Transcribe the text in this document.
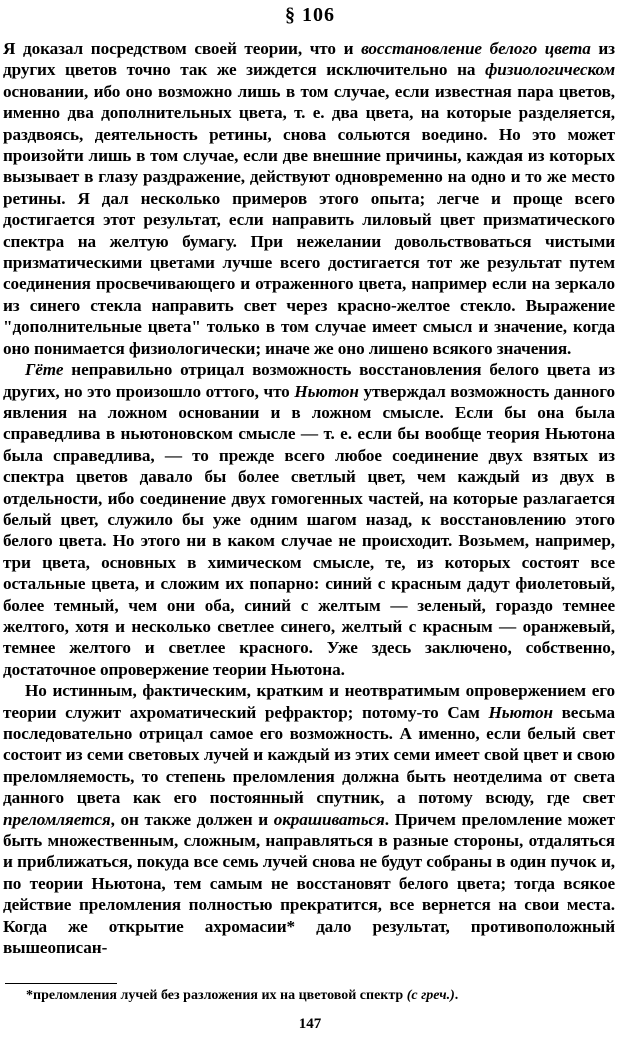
§ 106

Я доказал посредством своей теории, что и восстановление белого цвета из других цветов точно так же зиждется исключительно на физиологическом основании, ибо оно возможно лишь в том случае, если известная пара цветов, именно два дополнительных цвета, т. е. два цвета, на которые разделяется, раздвоясь, деятельность ретины, снова сольются воедино. Но это может произойти лишь в том случае, если две внешние причины, каждая из которых вызывает в глазу раздражение, действуют одновременно на одно и то же место ретины. Я дал несколько примеров этого опыта; легче и проще всего достигается этот результат, если направить лиловый цвет призматического спектра на желтую бумагу. При нежелании довольствоваться чистыми призматическими цветами лучше всего достигается тот же результат путем соединения просвечивающего и отраженного цвета, например если на зеркало из синего стекла направить свет через красно-желтое стекло. Выражение "дополнительные цвета" только в том случае имеет смысл и значение, когда оно понимается физиологически; иначе же оно лишено всякого значения.

Гёте неправильно отрицал возможность восстановления белого цвета из других, но это произошло оттого, что Ньютон утверждал возможность данного явления на ложном основании и в ложном смысле. Если бы она была справедлива в ньютоновском смысле — т. е. если бы вообще теория Ньютона была справедлива, — то прежде всего любое соединение двух взятых из спектра цветов давало бы более светлый цвет, чем каждый из двух в отдельности, ибо соединение двух гомогенных частей, на которые разлагается белый цвет, служило бы уже одним шагом назад, к восстановлению этого белого цвета. Но этого ни в каком случае не происходит. Возьмем, например, три цвета, основных в химическом смысле, те, из которых состоят все остальные цвета, и сложим их попарно: синий с красным дадут фиолетовый, более темный, чем они оба, синий с желтым — зеленый, гораздо темнее желтого, хотя и несколько светлее синего, желтый с красным — оранжевый, темнее желтого и светлее красного. Уже здесь заключено, собственно, достаточное опровержение теории Ньютона.

Но истинным, фактическим, кратким и неотвратимым опровержением его теории служит ахроматический рефрактор; потому-то Сам Ньютон весьма последовательно отрицал самое его возможность. А именно, если белый свет состоит из семи световых лучей и каждый из этих семи имеет свой цвет и свою преломляемость, то степень преломления должна быть неотделима от света данного цвета как его постоянный спутник, а потому всюду, где свет преломляется, он также должен и окрашиваться. Причем преломление может быть множественным, сложным, направляться в разные стороны, отдаляться и приближаться, покуда все семь лучей снова не будут собраны в один пучок и, по теории Ньютона, тем самым не восстановят белого цвета; тогда всякое действие преломления полностью прекратится, все вернется на свои места. Когда же открытие ахромасии* дало результат, противоположный вышеописан-

*преломления лучей без разложения их на цветовой спектр (с греч.).
147
